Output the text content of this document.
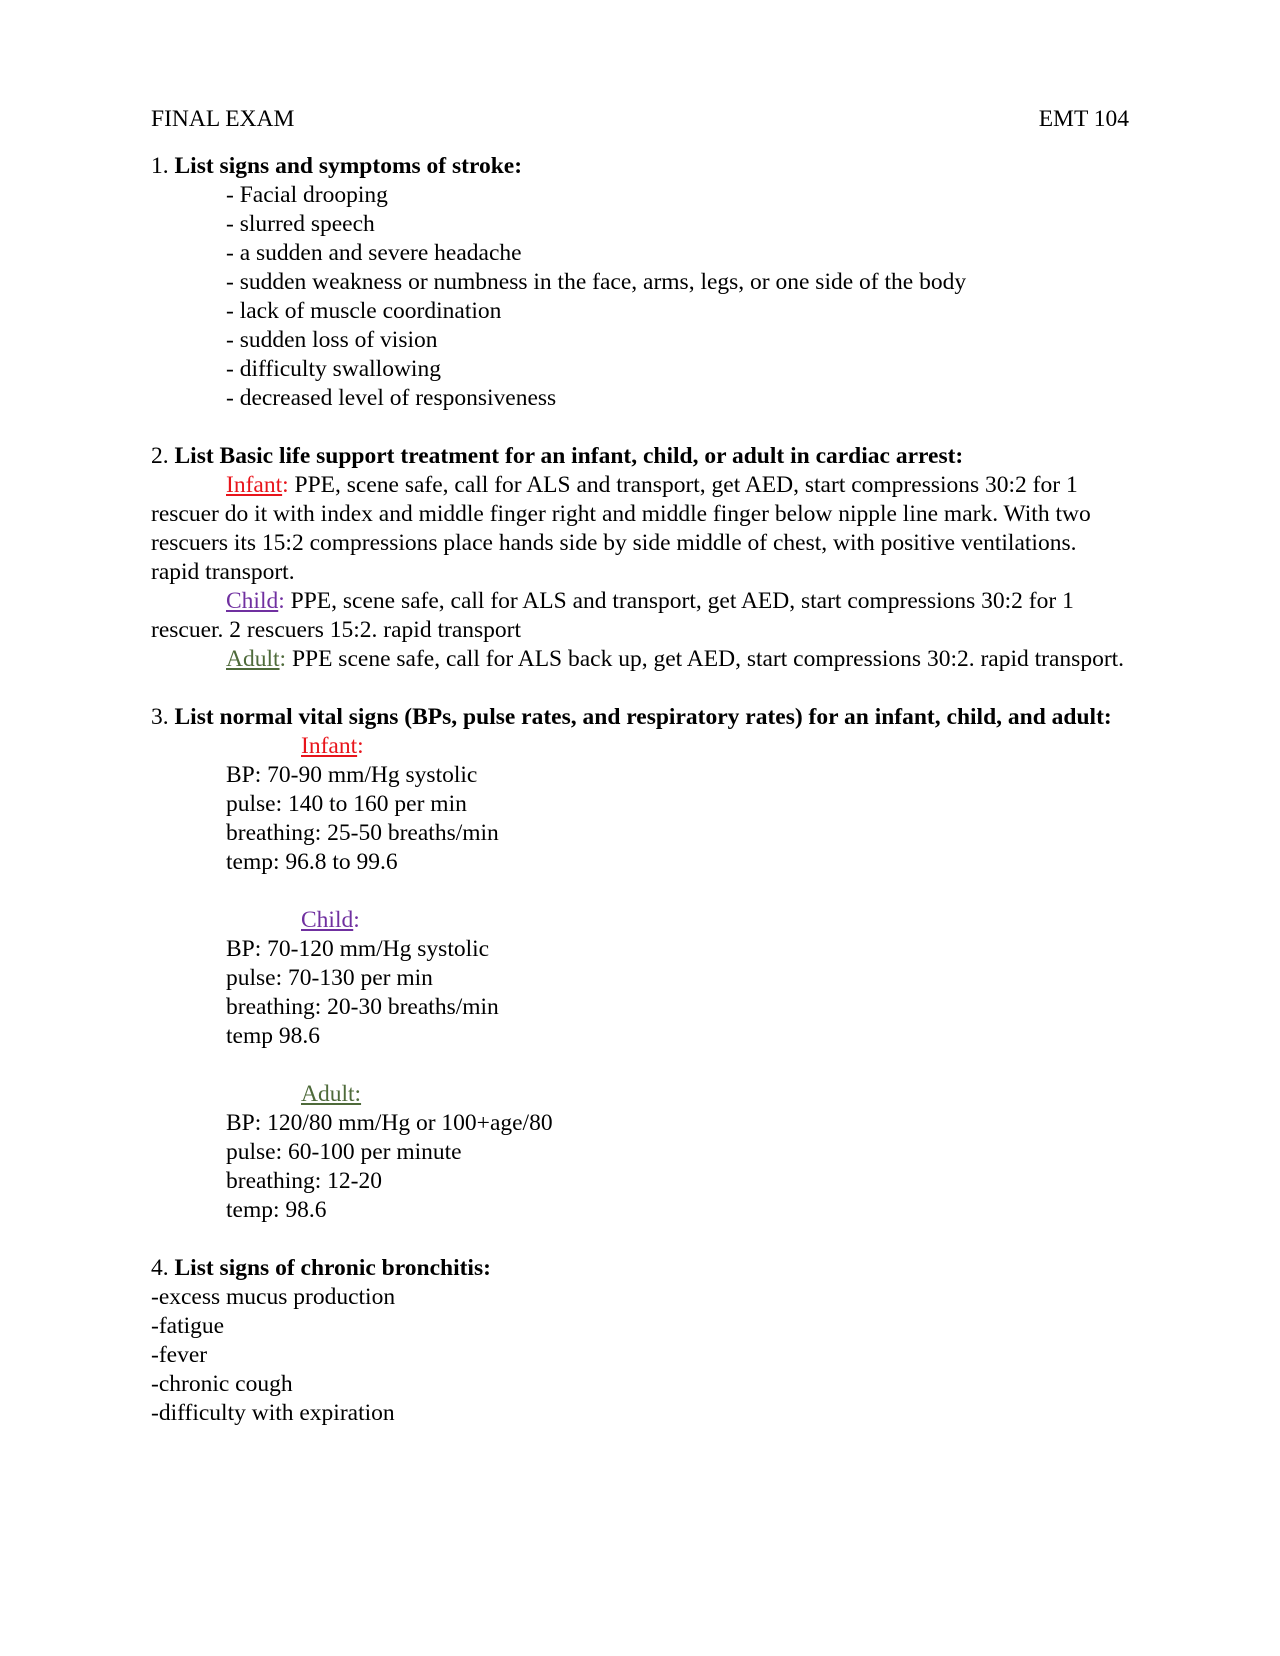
FINAL EXAM	EMT 104
1. List signs and symptoms of stroke:
- Facial drooping
- slurred speech
- a sudden and severe headache
- sudden weakness or numbness in the face, arms, legs, or one side of the body
- lack of muscle coordination
- sudden loss of vision
- difficulty swallowing
- decreased level of responsiveness
2. List Basic life support treatment for an infant, child, or adult in cardiac arrest:
Infant: PPE, scene safe, call for ALS and transport, get AED, start compressions 30:2 for 1 rescuer do it with index and middle finger right and middle finger below nipple line mark. With two rescuers its 15:2 compressions place hands side by side middle of chest, with positive ventilations. rapid transport.
Child: PPE, scene safe, call for ALS and transport, get AED, start compressions 30:2 for 1 rescuer. 2 rescuers 15:2. rapid transport
Adult: PPE scene safe, call for ALS back up, get AED, start compressions 30:2. rapid transport.
3. List normal vital signs (BPs, pulse rates, and respiratory rates) for an infant, child, and adult:
Infant:
BP: 70-90 mm/Hg systolic
pulse: 140 to 160 per min
breathing: 25-50 breaths/min
temp: 96.8 to 99.6
Child:
BP: 70-120 mm/Hg systolic
pulse: 70-130 per min
breathing: 20-30 breaths/min
temp 98.6
Adult:
BP: 120/80 mm/Hg or 100+age/80
pulse: 60-100 per minute
breathing: 12-20
temp: 98.6
4. List signs of chronic bronchitis:
-excess mucus production
-fatigue
-fever
-chronic cough
-difficulty with expiration
